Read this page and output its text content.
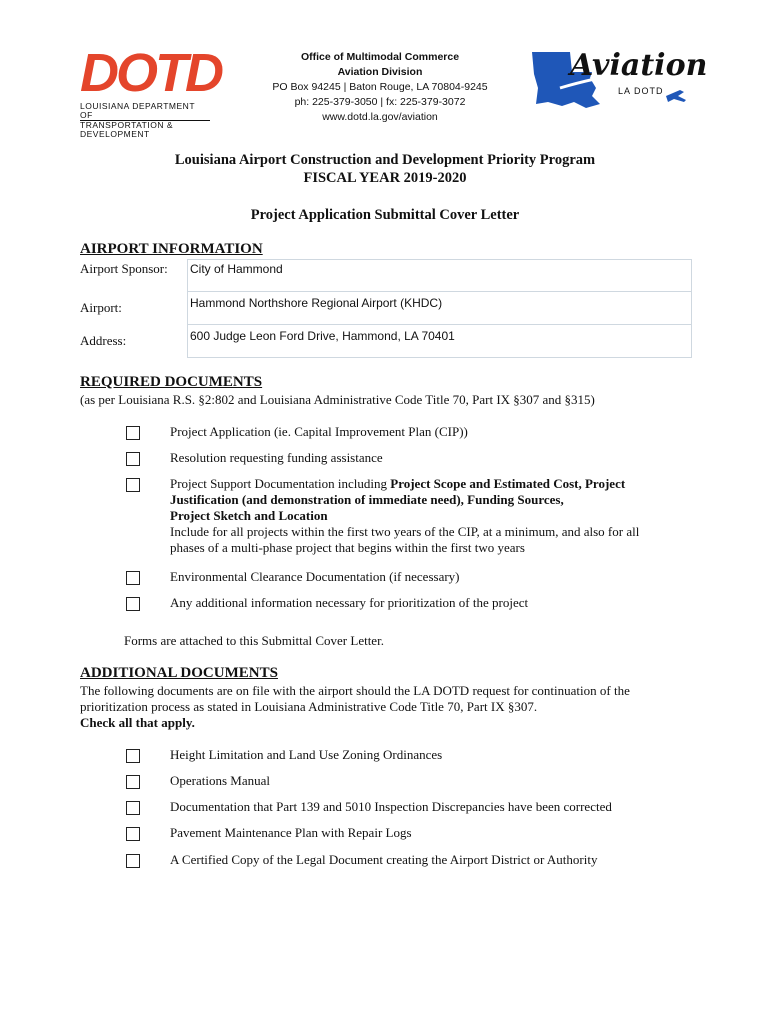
DOTD
LOUISIANA DEPARTMENT OF
TRANSPORTATION & DEVELOPMENT
Office of Multimodal Commerce
Aviation Division
PO Box 94245 | Baton Rouge, LA 70804-9245
ph: 225-379-3050 | fx: 225-379-3072
www.dotd.la.gov/aviation
Aviation
LA DOTD
Louisiana Airport Construction and Development Priority Program
FISCAL YEAR 2019-2020
Project Application Submittal Cover Letter
AIRPORT INFORMATION
Airport Sponsor: City of Hammond
Airport:	Hammond Northshore Regional Airport (KHDC)
Address:	600 Judge Leon Ford Drive, Hammond, LA 70401
REQUIRED DOCUMENTS
(as per Louisiana R.S. §2:802 and Louisiana Administrative Code Title 70, Part IX §307 and §315)
Project Application (ie. Capital Improvement Plan (CIP))
Resolution requesting funding assistance
Project Support Documentation including Project Scope and Estimated Cost, Project
Justification (and demonstration of immediate need), Funding Sources,
Project Sketch and Location
Include for all projects within the first two years of the CIP, at a minimum, and also for all
phases of a multi-phase project that begins within the first two years
Environmental Clearance Documentation (if necessary)
Any additional information necessary for prioritization of the project
Forms are attached to this Submittal Cover Letter.
ADDITIONAL DOCUMENTS
The following documents are on file with the airport should the LA DOTD request for continuation of the
prioritization process as stated in Louisiana Administrative Code Title 70, Part IX §307.
Check all that apply.
Height Limitation and Land Use Zoning Ordinances
Operations Manual
Documentation that Part 139 and 5010 Inspection Discrepancies have been corrected
Pavement Maintenance Plan with Repair Logs
A Certified Copy of the Legal Document creating the Airport District or Authority
